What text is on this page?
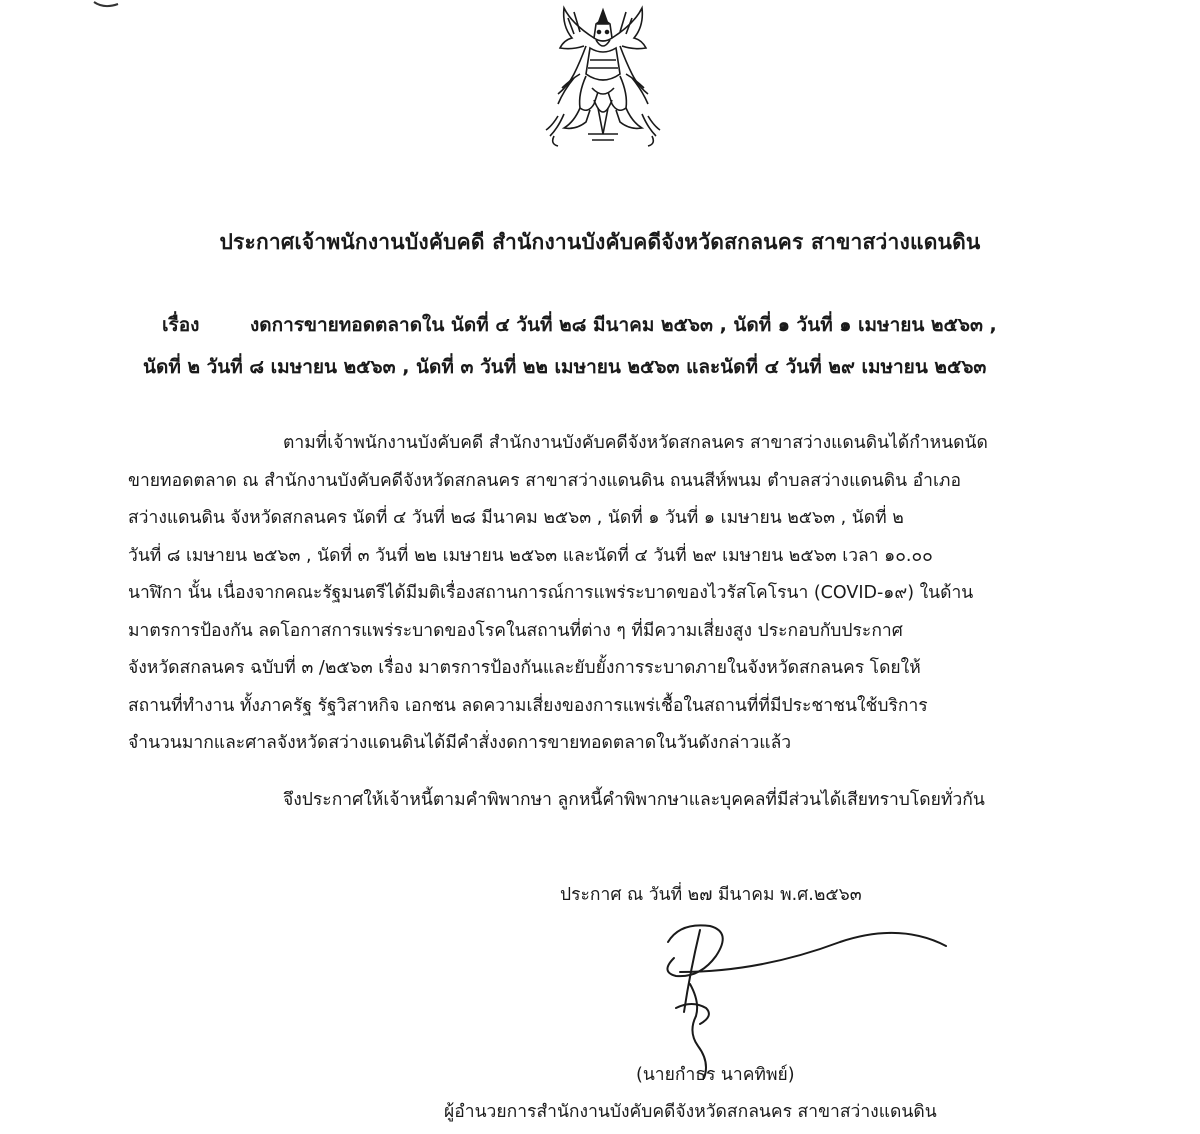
ประกาศเจ้าพนักงานบังคับคดี สำนักงานบังคับคดีจังหวัดสกลนคร สาขาสว่างแดนดิน
เรื่อง	งดการขายทอดตลาดใน นัดที่ ๔ วันที่ ๒๘ มีนาคม ๒๕๖๓ , นัดที่ ๑ วันที่ ๑ เมษายน ๒๕๖๓ ,
นัดที่ ๒ วันที่ ๘ เมษายน ๒๕๖๓ , นัดที่ ๓ วันที่ ๒๒ เมษายน ๒๕๖๓ และนัดที่ ๔ วันที่ ๒๙ เมษายน ๒๕๖๓
ตามที่เจ้าพนักงานบังคับคดี สำนักงานบังคับคดีจังหวัดสกลนคร สาขาสว่างแดนดินได้กำหนดนัด
ขายทอดตลาด ณ สำนักงานบังคับคดีจังหวัดสกลนคร สาขาสว่างแดนดิน ถนนสีห์พนม ตำบลสว่างแดนดิน อำเภอ
สว่างแดนดิน จังหวัดสกลนคร นัดที่ ๔ วันที่ ๒๘ มีนาคม ๒๕๖๓ , นัดที่ ๑ วันที่ ๑ เมษายน ๒๕๖๓ , นัดที่ ๒
วันที่ ๘ เมษายน ๒๕๖๓ , นัดที่ ๓ วันที่ ๒๒ เมษายน ๒๕๖๓ และนัดที่ ๔ วันที่ ๒๙ เมษายน ๒๕๖๓ เวลา ๑๐.๐๐
นาฬิกา นั้น เนื่องจากคณะรัฐมนตรีได้มีมติเรื่องสถานการณ์การแพร่ระบาดของไวรัสโคโรนา (COVID-๑๙) ในด้าน
มาตรการป้องกัน ลดโอกาสการแพร่ระบาดของโรคในสถานที่ต่าง ๆ ที่มีความเสี่ยงสูง ประกอบกับประกาศ
จังหวัดสกลนคร ฉบับที่ ๓ /๒๕๖๓ เรื่อง มาตรการป้องกันและยับยั้งการระบาดภายในจังหวัดสกลนคร โดยให้
สถานที่ทำงาน ทั้งภาครัฐ รัฐวิสาหกิจ เอกชน ลดความเสี่ยงของการแพร่เชื้อในสถานที่ที่มีประชาชนใช้บริการ
จำนวนมากและศาลจังหวัดสว่างแดนดินได้มีคำสั่งงดการขายทอดตลาดในวันดังกล่าวแล้ว
จึงประกาศให้เจ้าหนี้ตามคำพิพากษา ลูกหนี้คำพิพากษาและบุคคลที่มีส่วนได้เสียทราบโดยทั่วกัน
ประกาศ ณ วันที่ ๒๗ มีนาคม พ.ศ.๒๕๖๓
(นายกำธร นาคทิพย์)
ผู้อำนวยการสำนักงานบังคับคดีจังหวัดสกลนคร สาขาสว่างแดนดิน
